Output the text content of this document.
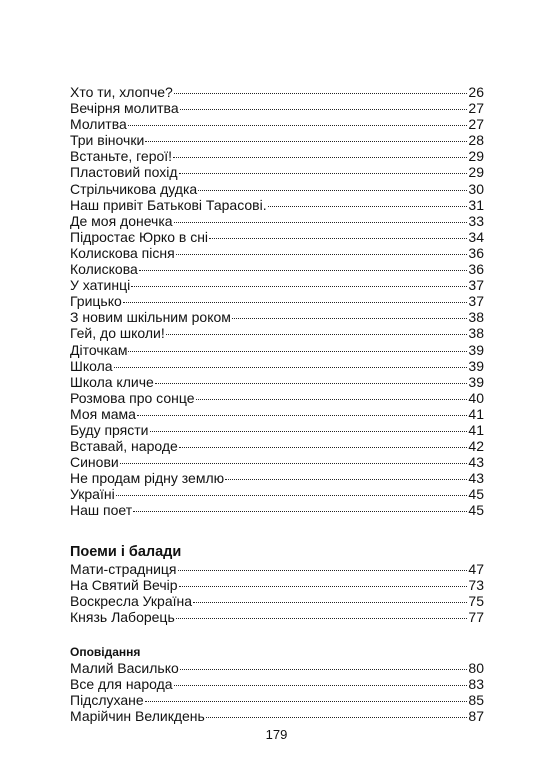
Хто ти, хлопче?	26
Вечірня молитва	27
Молитва	27
Три віночки	28
Встаньте, герої!	29
Пластовий похід	29
Стрільчикова дудка	30
Наш привіт Батькові Тарасові.	31
Де моя донечка	33
Підростає Юрко в сні	34
Колискова пісня	36
Колискова	36
У хатинці	37
Грицько	37
З новим шкільним роком	38
Гей, до школи!	38
Діточкам	39
Школа	39
Школа кличе	39
Розмова про сонце	40
Моя мама	41
Буду прясти	41
Вставай, народе	42
Синови	43
Не продам рідну землю	43
Україні	45
Наш поет	45
Поеми і балади
Мати-страдниця	47
На Святий Вечір	73
Воскресла Україна	75
Князь Лаборець	77
Оповідання
Малий Василько	80
Все для народа	83
Підслухане	85
Марійчин Великдень	87
179
